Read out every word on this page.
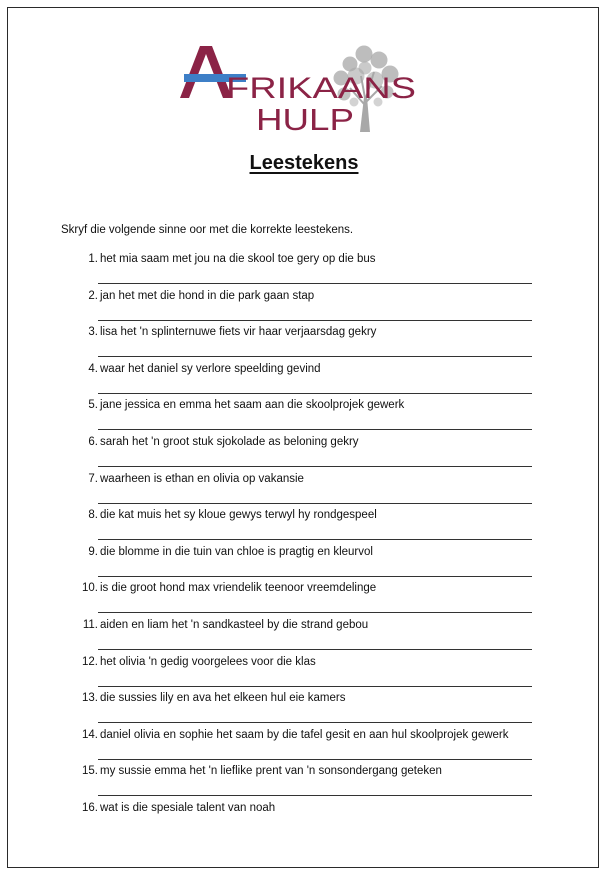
FRIKAANS
HULP
Leestekens
Skryf die volgende sinne oor met die korrekte leestekens.
1. het mia saam met jou na die skool toe gery op die bus
2. jan het met die hond in die park gaan stap
3. lisa het 'n splinternuwe fiets vir haar verjaarsdag gekry
4. waar het daniel sy verlore speelding gevind
5. jane jessica en emma het saam aan die skoolprojek gewerk
6. sarah het 'n groot stuk sjokolade as beloning gekry
7. waarheen is ethan en olivia op vakansie
8. die kat muis het sy kloue gewys terwyl hy rondgespeel
9. die blomme in die tuin van chloe is pragtig en kleurvol
10. is die groot hond max vriendelik teenoor vreemdelinge
11. aiden en liam het 'n sandkasteel by die strand gebou
12. het olivia 'n gedig voorgelees voor die klas
13. die sussies lily en ava het elkeen hul eie kamers
14. daniel olivia en sophie het saam by die tafel gesit en aan hul skoolprojek gewerk
15. my sussie emma het 'n lieflike prent van 'n sonsondergang geteken
16. wat is die spesiale talent van noah
